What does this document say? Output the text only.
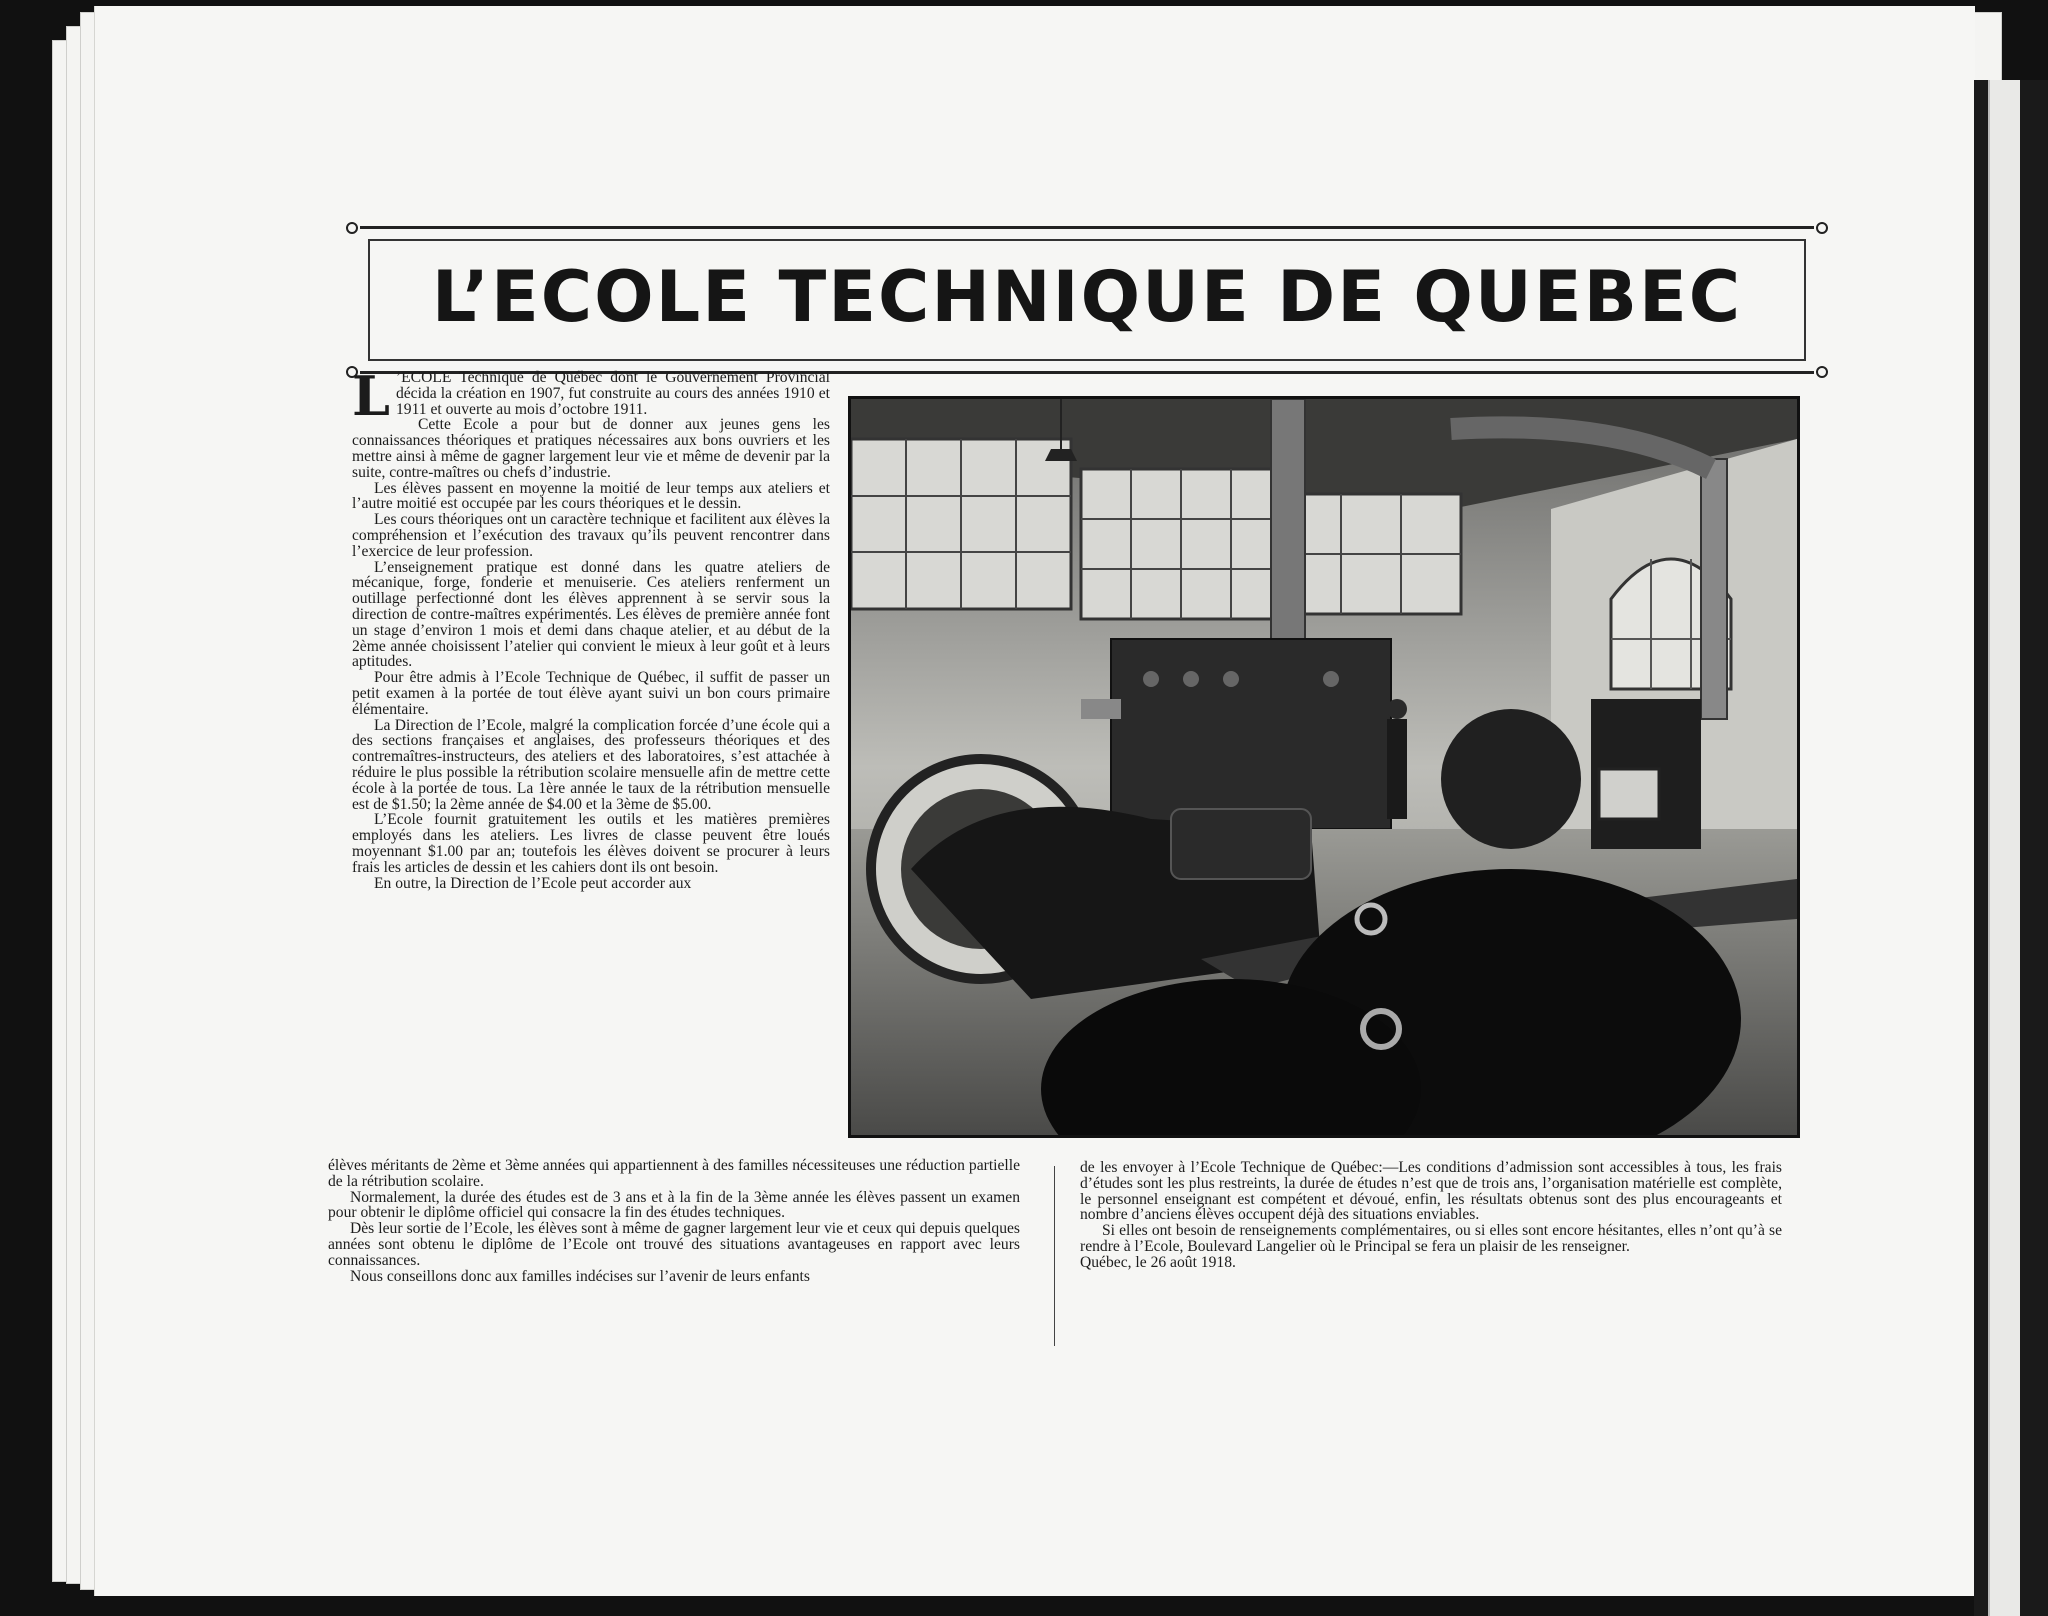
L’ECOLE TECHNIQUE DE QUEBEC

L ’ECOLE Technique de Québec dont le Gouvernement Provincial décida la création en 1907, fut construite au cours des années 1910 et 1911 et ouverte au mois d’octobre 1911.

Cette Ecole a pour but de donner aux jeunes gens les connaissances théoriques et pratiques nécessaires aux bons ouvriers et les mettre ainsi à même de gagner largement leur vie et même de devenir par la suite, contre-maîtres ou chefs d’industrie.

Les élèves passent en moyenne la moitié de leur temps aux ateliers et l’autre moitié est occupée par les cours théoriques et le dessin.

Les cours théoriques ont un caractère technique et facilitent aux élèves la compréhension et l’exécution des travaux qu’ils peuvent rencontrer dans l’exercice de leur profession.

L’enseignement pratique est donné dans les quatre ateliers de mécanique, forge, fonderie et menuiserie. Ces ateliers renferment un outillage perfectionné dont les élèves apprennent à se servir sous la direction de contre-maîtres expérimentés. Les élèves de première année font un stage d’environ 1 mois et demi dans chaque atelier, et au début de la 2ème année choisissent l’atelier qui convient le mieux à leur goût et à leurs aptitudes.

Pour être admis à l’Ecole Technique de Québec, il suffit de passer un petit examen à la portée de tout élève ayant suivi un bon cours primaire élémentaire.

La Direction de l’Ecole, malgré la complication forcée d’une école qui a des sections françaises et anglaises, des professeurs théoriques et des contremaîtres-instructeurs, des ateliers et des laboratoires, s’est attachée à réduire le plus possible la rétribution scolaire mensuelle afin de mettre cette école à la portée de tous. La 1ère année le taux de la rétribution mensuelle est de $1.50; la 2ème année de $4.00 et la 3ème de $5.00.

L’Ecole fournit gratuitement les outils et les matières premières employés dans les ateliers. Les livres de classe peuvent être loués moyennant $1.00 par an; toutefois les élèves doivent se procurer à leurs frais les articles de dessin et les cahiers dont ils ont besoin.

En outre, la Direction de l’Ecole peut accorder aux

élèves méritants de 2ème et 3ème années qui appartiennent à des familles nécessiteuses une réduction partielle de la rétribution scolaire.

Normalement, la durée des études est de 3 ans et à la fin de la 3ème année les élèves passent un examen pour obtenir le diplôme officiel qui consacre la fin des études techniques.

Dès leur sortie de l’Ecole, les élèves sont à même de gagner largement leur vie et ceux qui depuis quelques années sont obtenu le diplôme de l’Ecole ont trouvé des situations avantageuses en rapport avec leurs connaissances.

Nous conseillons donc aux familles indécises sur l’avenir de leurs enfants

de les envoyer à l’Ecole Technique de Québec:—Les conditions d’admission sont accessibles à tous, les frais d’études sont les plus restreints, la durée de études n’est que de trois ans, l’organisation matérielle est complète, le personnel enseignant est compétent et dévoué, enfin, les résultats obtenus sont des plus encourageants et nombre d’anciens élèves occupent déjà des situations enviables.

Si elles ont besoin de renseignements complémentaires, ou si elles sont encore hésitantes, elles n’ont qu’à se rendre à l’Ecole, Boulevard Langelier où le Principal se fera un plaisir de les renseigner.

Québec, le 26 août 1918.
